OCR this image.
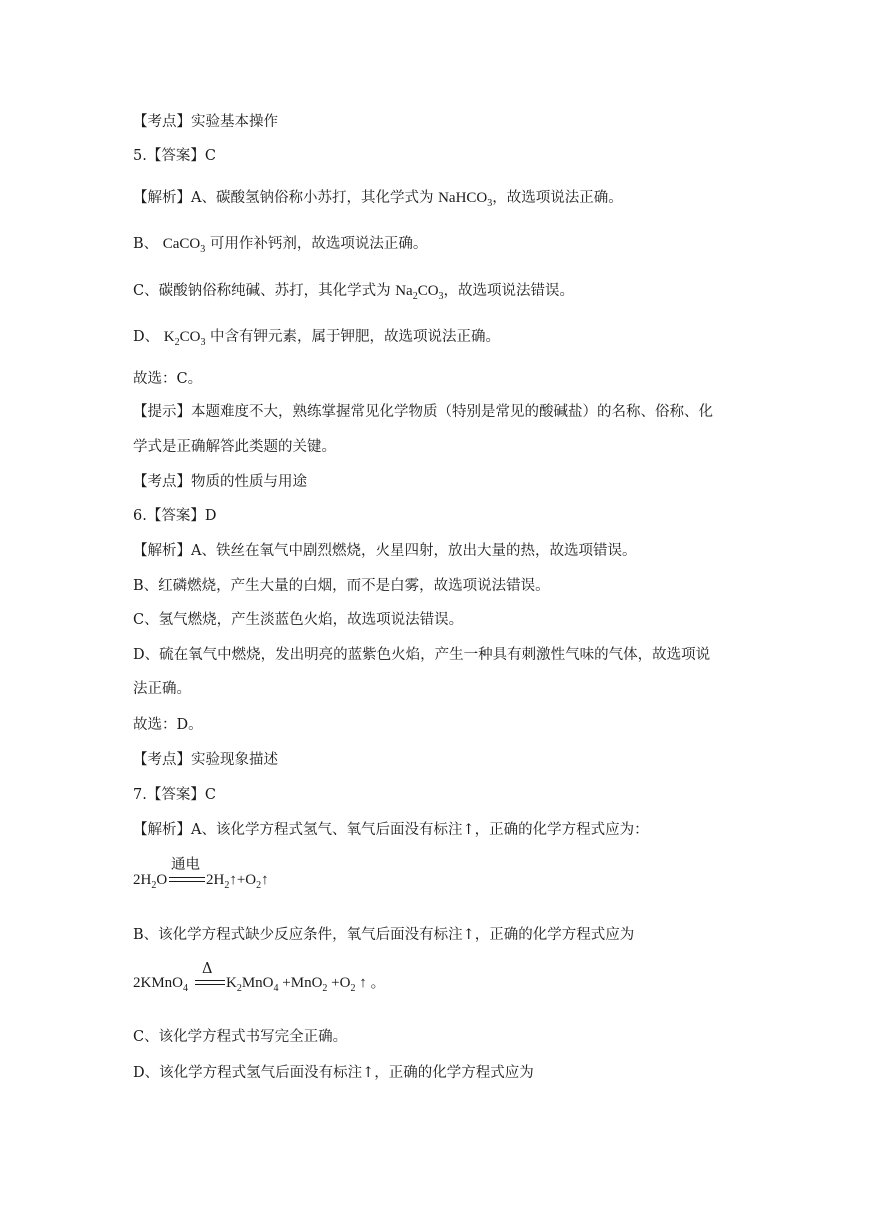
【考点】实验基本操作
5.【答案】C
【解析】A、碳酸氢钠俗称小苏打，其化学式为 NaHCO$_3$，故选项说法正确。
B、 CaCO$_3$ 可用作补钙剂，故选项说法正确。
C、碳酸钠俗称纯碱、苏打，其化学式为 $Na_2CO_3$，故选项说法错误。
D、 $K_2CO_3$ 中含有钾元素，属于钾肥，故选项说法正确。
故选：C。
【提示】本题难度不大，熟练掌握常见化学物质（特别是常见的酸碱盐）的名称、俗称、化
学式是正确解答此类题的关键。
【考点】物质的性质与用途
6.【答案】D
【解析】A、铁丝在氧气中剧烈燃烧，火星四射，放出大量的热，故选项错误。
B、红磷燃烧，产生大量的白烟，而不是白雾，故选项说法错误。
C、氢气燃烧，产生淡蓝色火焰，故选项说法错误。
D、硫在氧气中燃烧，发出明亮的蓝紫色火焰，产生一种具有刺激性气味的气体，故选项说
法正确。
故选：D。
【考点】实验现象描述
7.【答案】C
【解析】A、该化学方程式氢气、氧气后面没有标注↑，正确的化学方程式应为：
通电
$2H_2O$	$2H_2↑+O_2↑$
B、该化学方程式缺少反应条件，氧气后面没有标注↑，正确的化学方程式应为
Δ
2KMnO$_4$	$K_2MnO_4 +MnO_2 +O_2$ ↑ 。
C、该化学方程式书写完全正确。
D、该化学方程式氢气后面没有标注↑，正确的化学方程式应为
